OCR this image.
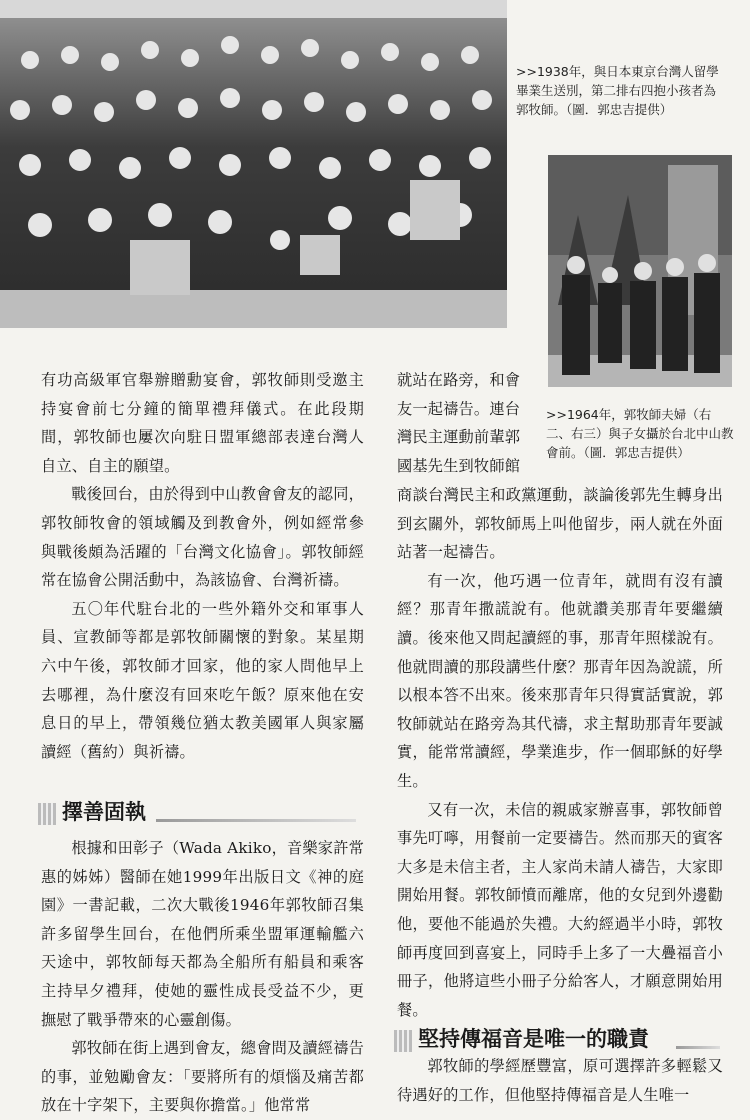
>>1938年，與日本東京台灣人留學畢業生送別，第二排右四抱小孩者為郭牧師。（圖．郭忠吉提供）
>>1964年，郭牧師夫婦（右二、右三）與子女攝於台北中山教會前。（圖．郭忠吉提供）

有功高級軍官舉辦贈勳宴會，郭牧師則受邀主持宴會前七分鐘的簡單禮拜儀式。在此段期間，郭牧師也屢次向駐日盟軍總部表達台灣人自立、自主的願望。

戰後回台，由於得到中山教會會友的認同，郭牧師牧會的領域觸及到教會外，例如經常參與戰後頗為活躍的「台灣文化協會」。郭牧師經常在協會公開活動中，為該協會、台灣祈禱。

五〇年代駐台北的一些外籍外交和軍事人員、宣教師等都是郭牧師關懷的對象。某星期六中午後，郭牧師才回家，他的家人問他早上去哪裡，為什麼沒有回來吃午飯？原來他在安息日的早上，帶領幾位猶太教美國軍人與家屬讀經（舊約）與祈禱。

擇善固執

根據和田彰子（Wada Akiko，音樂家許常惠的姊姊）醫師在她1999年出版日文《神的庭園》一書記載，二次大戰後1946年郭牧師召集許多留學生回台，在他們所乘坐盟軍運輸艦六天途中，郭牧師每天都為全船所有船員和乘客主持早夕禮拜，使她的靈性成長受益不少，更撫慰了戰爭帶來的心靈創傷。

郭牧師在街上遇到會友，總會問及讀經禱告的事，並勉勵會友：「要將所有的煩惱及痛苦都放在十字架下，主要與你擔當。」他常常

就站在路旁，和會

友一起禱告。連台

灣民主運動前輩郭

國基先生到牧師館

商談台灣民主和政黨運動，談論後郭先生轉身出到玄關外，郭牧師馬上叫他留步，兩人就在外面站著一起禱告。

有一次，他巧遇一位青年，就問有沒有讀經？那青年撒謊說有。他就讚美那青年要繼續讀。後來他又問起讀經的事，那青年照樣說有。他就問讀的那段講些什麼？那青年因為說謊，所以根本答不出來。後來那青年只得實話實說，郭牧師就站在路旁為其代禱，求主幫助那青年要誠實，能常常讀經，學業進步，作一個耶穌的好學生。

又有一次，未信的親戚家辦喜事，郭牧師曾事先叮嚀，用餐前一定要禱告。然而那天的賓客大多是未信主者，主人家尚未請人禱告，大家即開始用餐。郭牧師憤而離席，他的女兒到外邊勸他，要他不能過於失禮。大約經過半小時，郭牧師再度回到喜宴上，同時手上多了一大疊福音小冊子，他將這些小冊子分給客人，才願意開始用餐。

堅持傳福音是唯一的職責

郭牧師的學經歷豐富，原可選擇許多輕鬆又待遇好的工作，但他堅持傳福音是人生唯一
